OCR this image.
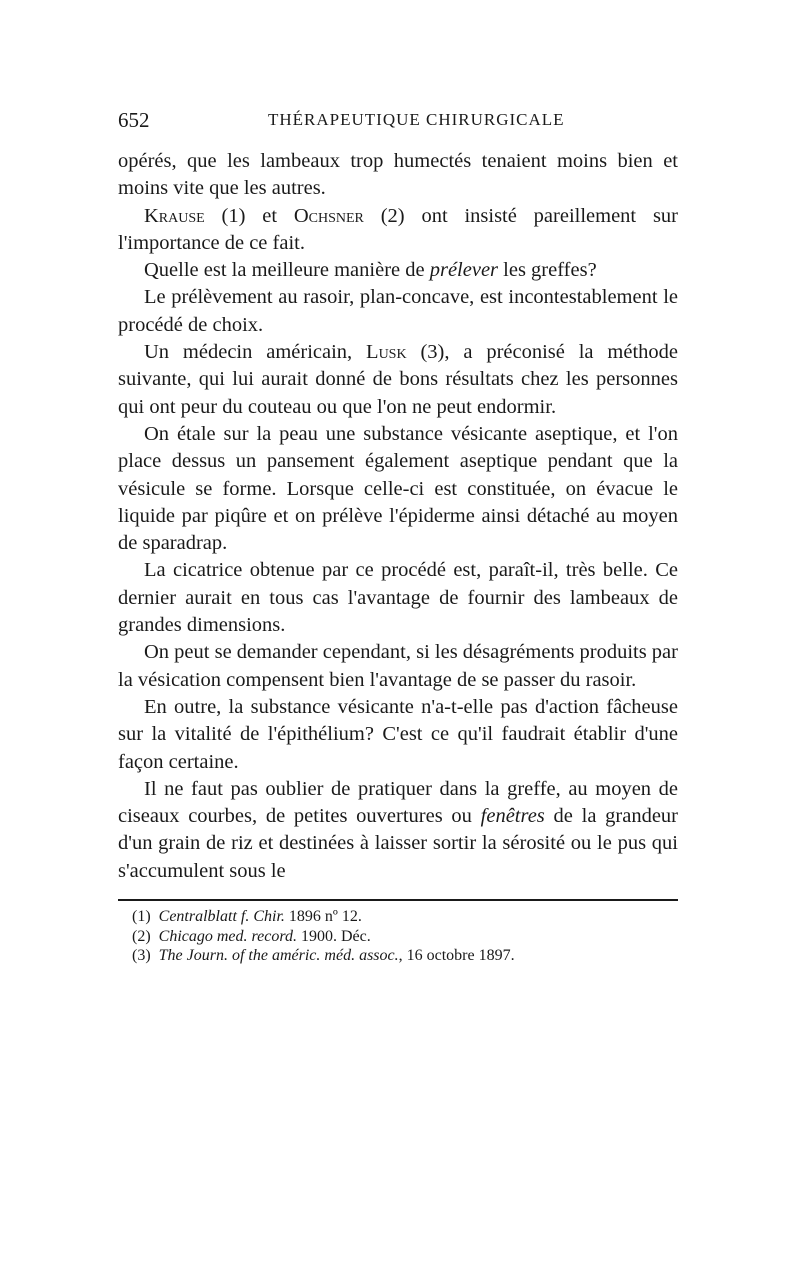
652	THÉRAPEUTIQUE CHIRURGICALE

opérés, que les lambeaux trop humectés tenaient moins bien et moins vite que les autres.

Krause (1) et Ochsner (2) ont insisté pareillement sur l'importance de ce fait.

Quelle est la meilleure manière de prélever les greffes?

Le prélèvement au rasoir, plan-concave, est incontestablement le procédé de choix.

Un médecin américain, Lusk (3), a préconisé la méthode suivante, qui lui aurait donné de bons résultats chez les personnes qui ont peur du couteau ou que l'on ne peut endormir.

On étale sur la peau une substance vésicante aseptique, et l'on place dessus un pansement également aseptique pendant que la vésicule se forme. Lorsque celle-ci est constituée, on évacue le liquide par piqûre et on prélève l'épiderme ainsi détaché au moyen de sparadrap.

La cicatrice obtenue par ce procédé est, paraît-il, très belle. Ce dernier aurait en tous cas l'avantage de fournir des lambeaux de grandes dimensions.

On peut se demander cependant, si les désagréments produits par la vésication compensent bien l'avantage de se passer du rasoir.

En outre, la substance vésicante n'a-t-elle pas d'action fâcheuse sur la vitalité de l'épithélium? C'est ce qu'il faudrait établir d'une façon certaine.

Il ne faut pas oublier de pratiquer dans la greffe, au moyen de ciseaux courbes, de petites ouvertures ou fenêtres de la grandeur d'un grain de riz et destinées à laisser sortir la sérosité ou le pus qui s'accumulent sous le

(1) Centralblatt f. Chir. 1896 nº 12.

(2) Chicago med. record. 1900. Déc.

(3) The Journ. of the améric. méd. assoc., 16 octobre 1897.
